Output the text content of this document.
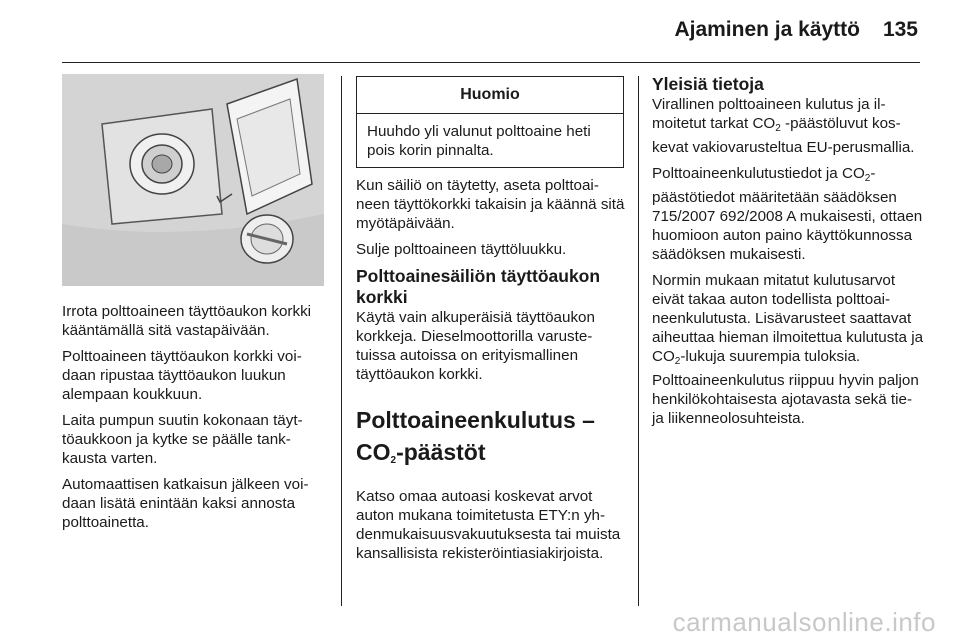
Ajaminen ja käyttö 135

Irrota polttoaineen täyttöaukon korkki kääntämällä sitä vastapäivään.

Polttoaineen täyttöaukon korkki voidaan ripustaa täyttöaukon luukun alempaan koukkuun.

Laita pumpun suutin kokonaan täyttöaukkoon ja kytke se päälle tankkausta varten.

Automaattisen katkaisun jälkeen voidaan lisätä enintään kaksi annosta polttoainetta.

Huomio
Huuhdo yli valunut polttoaine heti pois korin pinnalta.

Kun säiliö on täytetty, aseta polttoaineen täyttökorkki takaisin ja käännä sitä myötäpäivään.

Sulje polttoaineen täyttöluukku.

Polttoainesäiliön täyttöaukon korkki

Käytä vain alkuperäisiä täyttöaukon korkkeja. Dieselmoottorilla varustetuissa autoissa on erityismallinen täyttöaukon korkki.

Polttoaineenkulutus –
$CO_2$-päästöt

Katso omaa autoasi koskevat arvot auton mukana toimitetusta ETY:n yhdenmukaisuusvakuutuksesta tai muista kansallisista rekisteröintiasiakirjoista.

Yleisiä tietoja

Virallinen polttoaineen kulutus ja ilmoitetut tarkat $CO_2$ -päästöluvut koskevat vakiovarusteltua EU-perusmallia.

Polttoaineenkulutustiedot ja $CO_2$-päästötiedot määritetään säädöksen 715/2007 692/2008 A mukaisesti, ottaen huomioon auton paino käyttökunnossa säädöksen mukaisesti.

Normin mukaan mitatut kulutusarvot eivät takaa auton todellista polttoaineenkulutusta. Lisävarusteet saattavat aiheuttaa hieman ilmoitettua kulutusta ja $CO_2$-lukuja suurempia tuloksia. Polttoaineenkulutus riippuu hyvin paljon henkilökohtaisesta ajotavasta sekä tie- ja liikenneolosuhteista.

carmanualsonline.info
